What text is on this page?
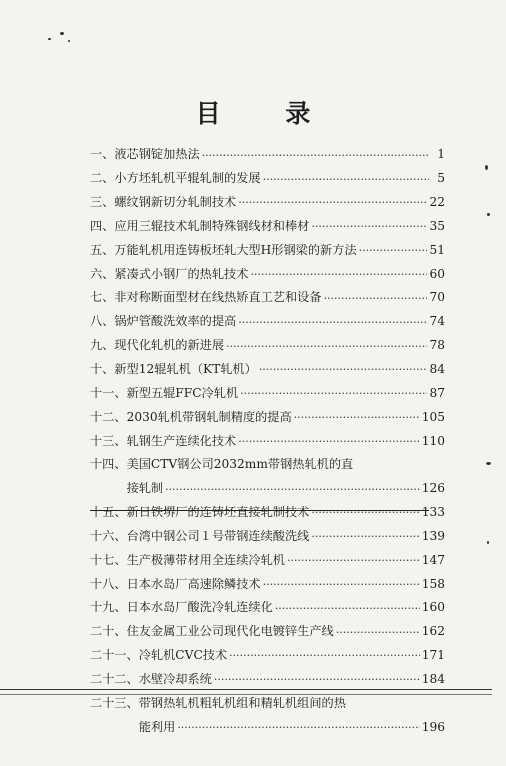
目 录
一、 液芯钢锭加热法 ·····	1
二、 小方坯轧机平辊轧制的发展 ·····	5
三、 螺纹钢新切分轧制技术 ·····	22
四、 应用三辊技术轧制特殊钢线材和棒材 ·····	35
五、 万能轧机用连铸板坯轧大型H形钢梁的新方法 ·····	51
六、 紧凑式小钢厂的热轧技术 ·····	60
七、 非对称断面型材在线热矫直工艺和设备 ·····	70
八、 锅炉管酸洗效率的提高 ·····	74
九、 现代化轧机的新进展 ·····	78
十、 新型12辊轧机（KT轧机） ·····	84
十一、 新型五辊FFC冷轧机 ·····	87
十二、 2030轧机带钢轧制精度的提高 ·····	105
十三、 轧钢生产连续化技术 ·····	110
十四、 美国CTV钢公司2032mm带钢热轧机的直
接轧制 ·····	126
十五、 新日铁堺厂的连铸坯直接轧制技术 ·····	133
十六、 台湾中钢公司１号带钢连续酸洗线 ·····	139
十七、 生产极薄带材用全连续冷轧机 ·····	147
十八、 日本水岛厂高速除鳞技术 ·····	158
十九、 日本水岛厂酸洗冷轧连续化 ·····	160
二十、 住友金属工业公司现代化电镀锌生产线 ·····	162
二十一、 冷轧机CVC技术 ·····	171
二十二、 水壁冷却系统 ·····	184
二十三、 带钢热轧机粗轧机组和精轧机组间的热
能利用 ·····	196
